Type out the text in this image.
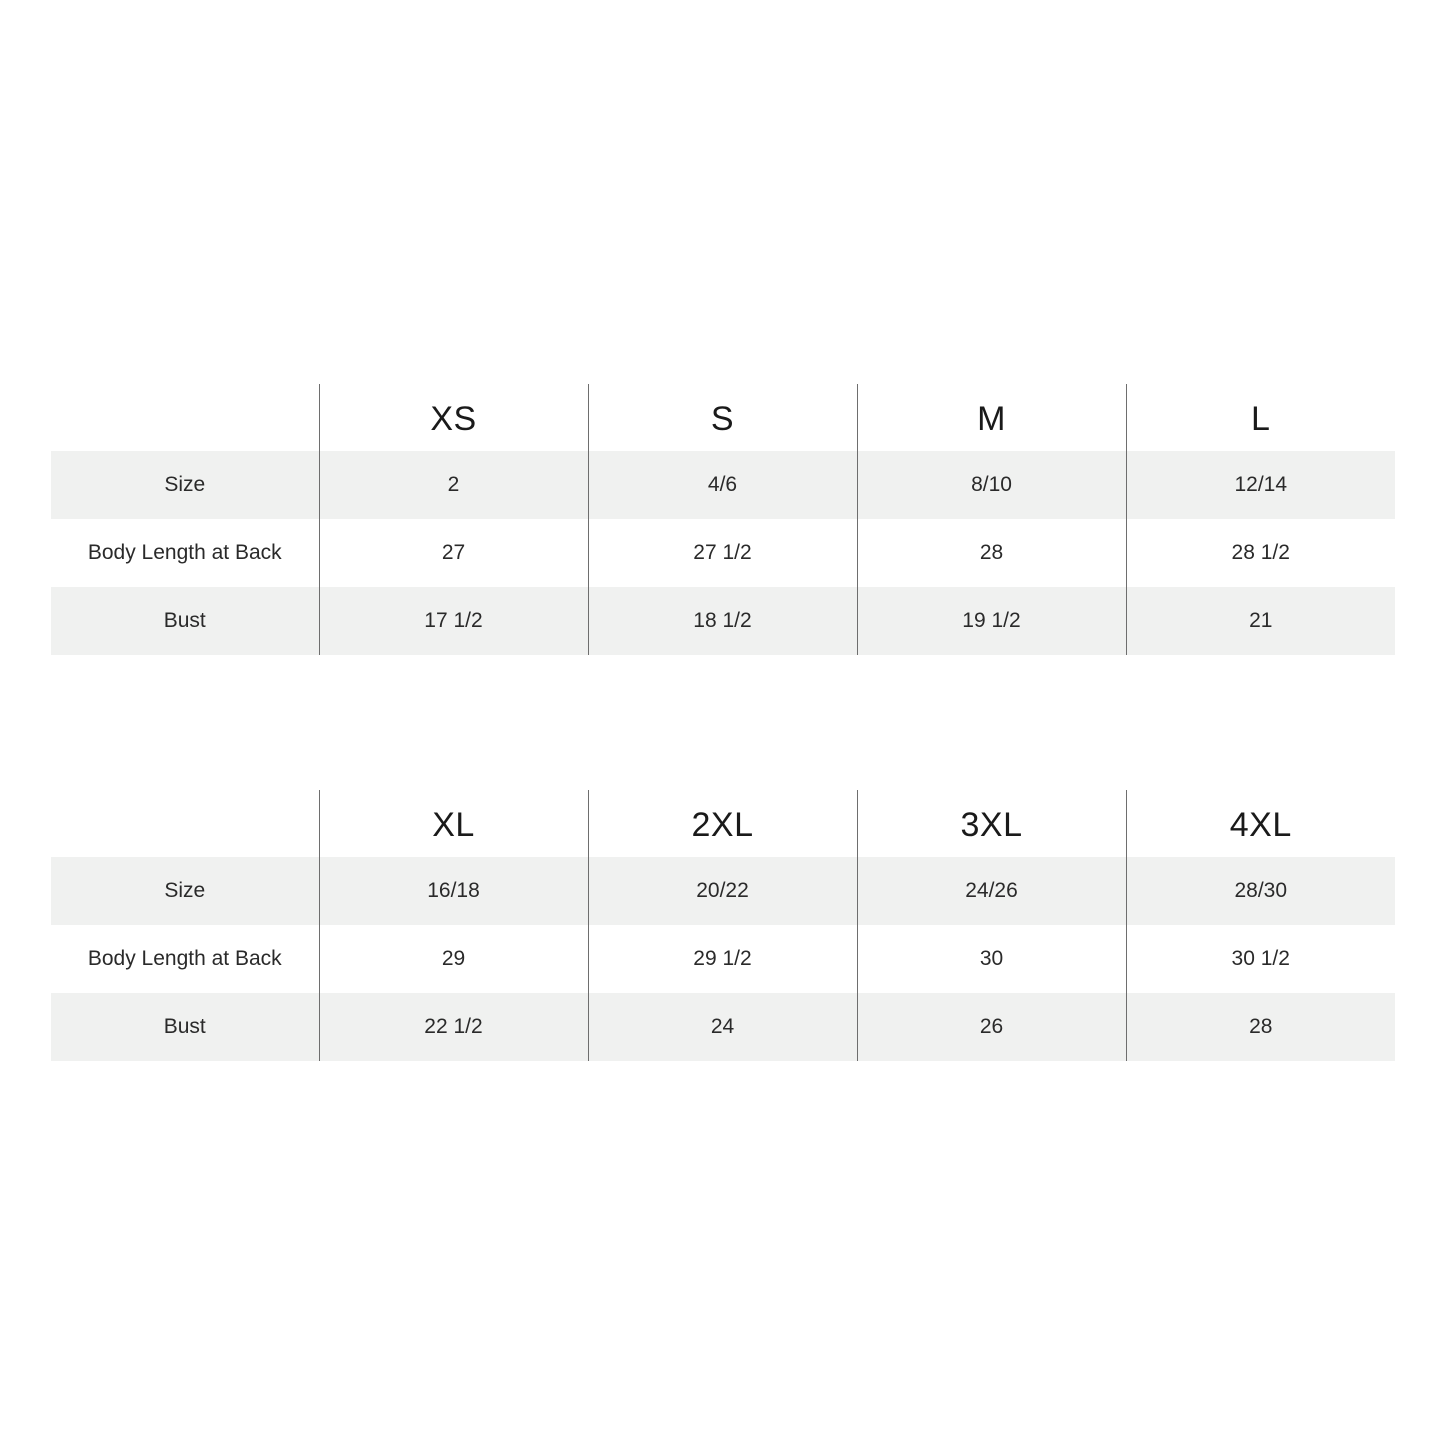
	XS	S	M	L
Size	2	4/6	8/10	12/14
Body Length at Back	27	27 1/2	28	28 1/2
Bust	17 1/2	18 1/2	19 1/2	21
	XL	2XL	3XL	4XL
Size	16/18	20/22	24/26	28/30
Body Length at Back	29	29 1/2	30	30 1/2
Bust	22 1/2	24	26	28
